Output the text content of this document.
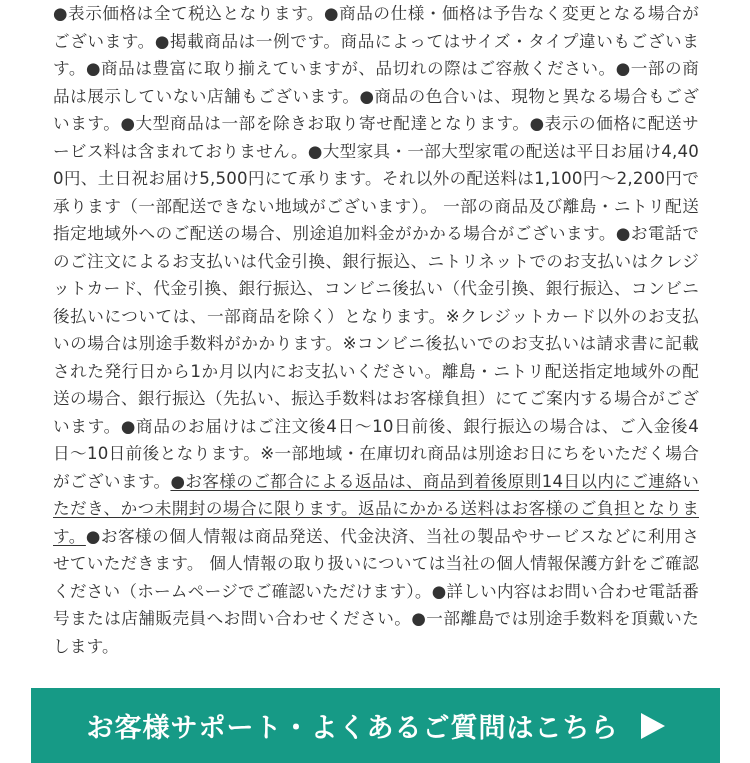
●表示価格は全て税込となります。●商品の仕様・価格は予告なく変更となる場合がございます。●掲載商品は一例です。商品によってはサイズ・タイプ違いもございます。●商品は豊富に取り揃えていますが、品切れの際はご容赦ください。●一部の商品は展示していない店舗もございます。●商品の色合いは、現物と異なる場合もございます。●大型商品は一部を除きお取り寄せ配達となります。●表示の価格に配送サービス料は含まれておりません。●大型家具・一部大型家電の配送は平日お届け4,400円、土日祝お届け5,500円にて承ります。それ以外の配送料は1,100円〜2,200円で承ります（一部配送できない地域がございます）。 一部の商品及び離島・ニトリ配送指定地域外へのご配送の場合、別途追加料金がかかる場合がございます。●お電話でのご注文によるお支払いは代金引換、銀行振込、ニトリネットでのお支払いはクレジットカード、代金引換、銀行振込、コンビニ後払い（代金引換、銀行振込、コンビニ後払いについては、一部商品を除く）となります。※クレジットカード以外のお支払いの場合は別途手数料がかかります。※コンビニ後払いでのお支払いは請求書に記載された発行日から1か月以内にお支払いください。離島・ニトリ配送指定地域外の配送の場合、銀行振込（先払い、振込手数料はお客様負担）にてご案内する場合がございます。●商品のお届けはご注文後4日〜10日前後、銀行振込の場合は、ご入金後4日〜10日前後となります。※一部地域・在庫切れ商品は別途お日にちをいただく場合がございます。●お客様のご都合による返品は、商品到着後原則14日以内にご連絡いただき、かつ未開封の場合に限ります。返品にかかる送料はお客様のご負担となります。●お客様の個人情報は商品発送、代金決済、当社の製品やサービスなどに利用させていただきます。 個人情報の取り扱いについては当社の個人情報保護方針をご確認ください（ホームページでご確認いただけます）。●詳しい内容はお問い合わせ電話番号または店舗販売員へお問い合わせください。●一部離島では別途手数料を頂戴いたします。
お客様サポート・よくあるご質問はこちら
